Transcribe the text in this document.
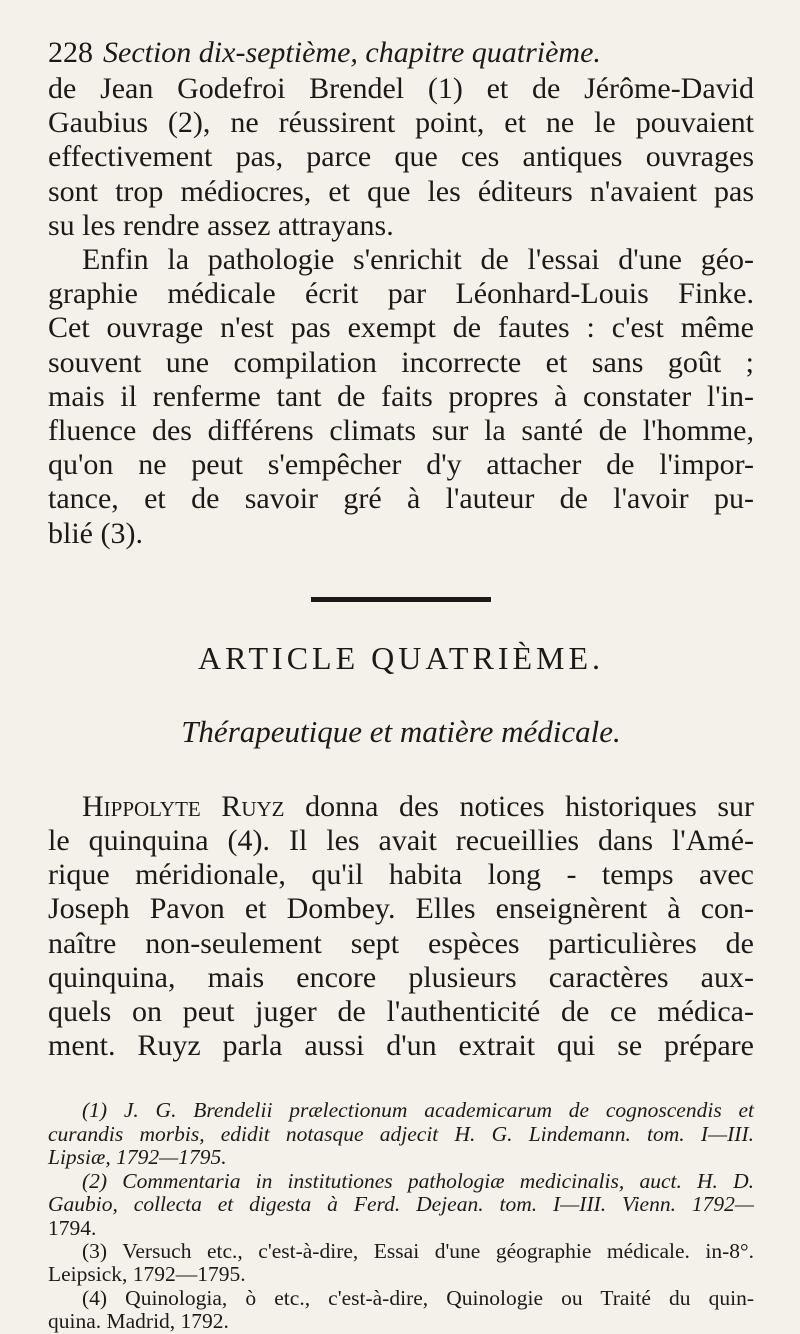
228 Section dix-septième, chapitre quatrième.

de Jean Godefroi Brendel (1) et de Jérôme-David
Gaubius (2), ne réussirent point, et ne le pouvaient
effectivement pas, parce que ces antiques ouvrages
sont trop médiocres, et que les éditeurs n'avaient pas
su les rendre assez attrayans.

Enfin la pathologie s'enrichit de l'essai d'une géo-
graphie médicale écrit par Léonhard-Louis Finke.
Cet ouvrage n'est pas exempt de fautes : c'est même
souvent une compilation incorrecte et sans goût ;
mais il renferme tant de faits propres à constater l'in-
fluence des différens climats sur la santé de l'homme,
qu'on ne peut s'empêcher d'y attacher de l'impor-
tance, et de savoir gré à l'auteur de l'avoir pu-
blié (3).

ARTICLE QUATRIÈME.
Thérapeutique et matière médicale.

Hippolyte Ruyz donna des notices historiques sur
le quinquina (4). Il les avait recueillies dans l'Amé-
rique méridionale, qu'il habita long - temps avec
Joseph Pavon et Dombey. Elles enseignèrent à con-
naître non-seulement sept espèces particulières de
quinquina, mais encore plusieurs caractères aux-
quels on peut juger de l'authenticité de ce médica-
ment. Ruyz parla aussi d'un extrait qui se prépare

(1) J. G. Brendelii prælectionum academicarum de cognoscendis et
curandis morbis, edidit notasque adjecit H. G. Lindemann. tom. I—III.
Lipsiæ, 1792—1795.

(2) Commentaria in institutiones pathologiæ medicinalis, auct. H. D.
Gaubio, collecta et digesta à Ferd. Dejean. tom. I—III. Vienn. 1792—
1794.

(3) Versuch etc., c'est-à-dire, Essai d'une géographie médicale. in-8°.
Leipsick, 1792—1795.

(4) Quinologia, ò etc., c'est-à-dire, Quinologie ou Traité du quin-
quina. Madrid, 1792.
